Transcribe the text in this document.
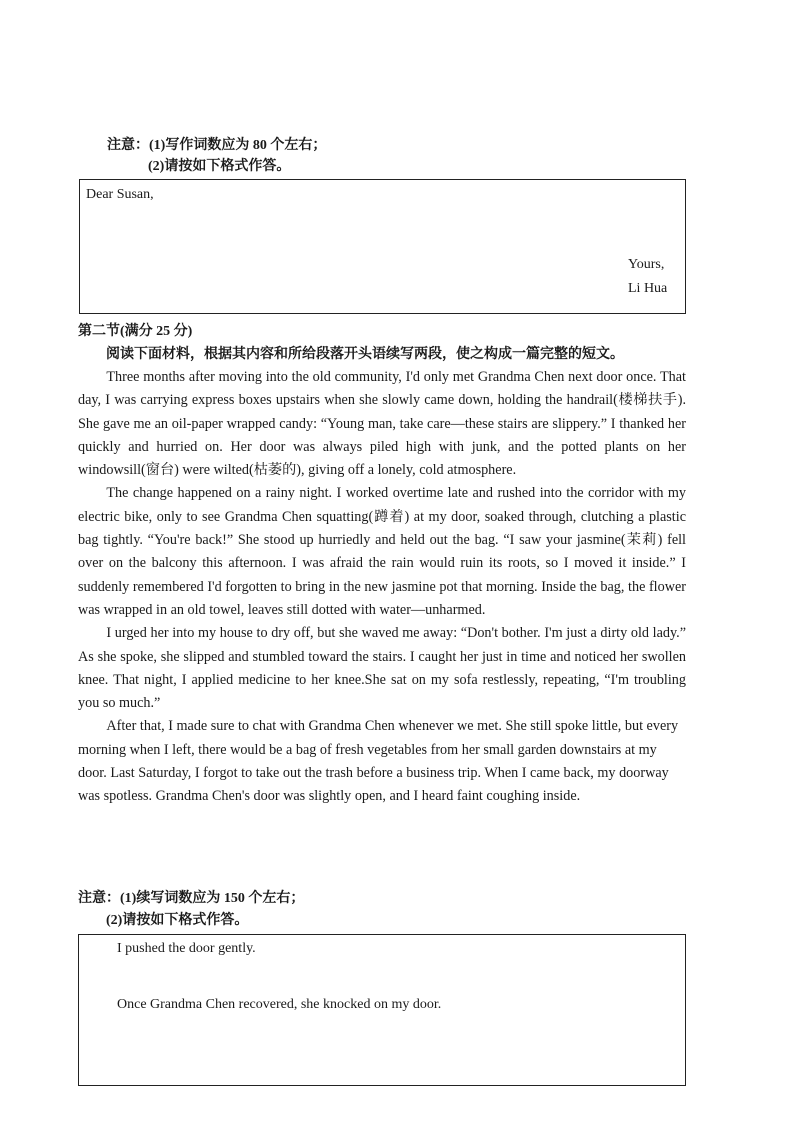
注意：(1)写作词数应为 80 个左右；
(2)请按如下格式作答。
Dear Susan,
Yours,
Li Hua
第二节(满分 25 分)
阅读下面材料，根据其内容和所给段落开头语续写两段，使之构成一篇完整的短文。

Three months after moving into the old community, I'd only met Grandma Chen next door once. That day, I was carrying express boxes upstairs when she slowly came down, holding the handrail(楼梯扶手). She gave me an oil-paper wrapped candy: “Young man, take care—these stairs are slippery.” I thanked her quickly and hurried on. Her door was always piled high with junk, and the potted plants on her windowsill(窗台) were wilted(枯萎的), giving off a lonely, cold atmosphere.

The change happened on a rainy night. I worked overtime late and rushed into the corridor with my electric bike, only to see Grandma Chen squatting(蹲着) at my door, soaked through, clutching a plastic bag tightly. “You're back!” She stood up hurriedly and held out the bag. “I saw your jasmine(茉莉) fell over on the balcony this afternoon. I was afraid the rain would ruin its roots, so I moved it inside.” I suddenly remembered I'd forgotten to bring in the new jasmine pot that morning. Inside the bag, the flower was wrapped in an old towel, leaves still dotted with water—unharmed.

I urged her into my house to dry off, but she waved me away: “Don't bother. I'm just a dirty old lady.” As she spoke, she slipped and stumbled toward the stairs. I caught her just in time and noticed her swollen knee. That night, I applied medicine to her knee.She sat on my sofa restlessly, repeating, “I'm troubling you so much.”

After that, I made sure to chat with Grandma Chen whenever we met. She still spoke little, but every morning when I left, there would be a bag of fresh vegetables from her small garden downstairs at my door. Last Saturday, I forgot to take out the trash before a business trip. When I came back, my doorway was spotless. Grandma Chen's door was slightly open, and I heard faint coughing inside.

注意：(1)续写词数应为 150 个左右；
(2)请按如下格式作答。
I pushed the door gently.
Once Grandma Chen recovered, she knocked on my door.
